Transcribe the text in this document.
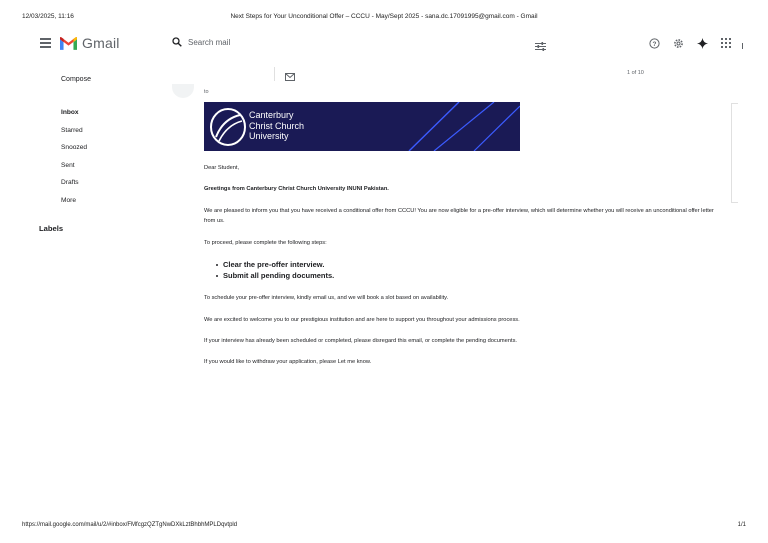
12/03/2025, 11:16	Next Steps for Your Unconditional Offer – CCCU - May/Sept 2025 - sana.dc.17091995@gmail.com - Gmail
https://mail.google.com/mail/u/2/#inbox/FMfcgzQZTgNwDXkLztBhbhMPLDqvtpld	1/1
Gmail
Search mail	?
Compose
Inbox
Starred
Snoozed
Sent
Drafts
More
Labels
1 of 10
to
Canterbury
Christ Church
University
Dear Student,
Greetings from Canterbury Christ Church University INUNI Pakistan.
We are pleased to inform you that you have received a conditional offer from CCCU! You are now eligible for a pre-offer interview, which will determine whether you will receive an unconditional offer letter from us.
To proceed, please complete the following steps:
Clear the pre-offer interview.
Submit all pending documents.
To schedule your pre-offer interview, kindly email us, and we will book a slot based on availability.
We are excited to welcome you to our prestigious institution and are here to support you throughout your admissions process.
If your interview has already been scheduled or completed, please disregard this email, or complete the pending documents.
If you would like to withdraw your application, please Let me know.
